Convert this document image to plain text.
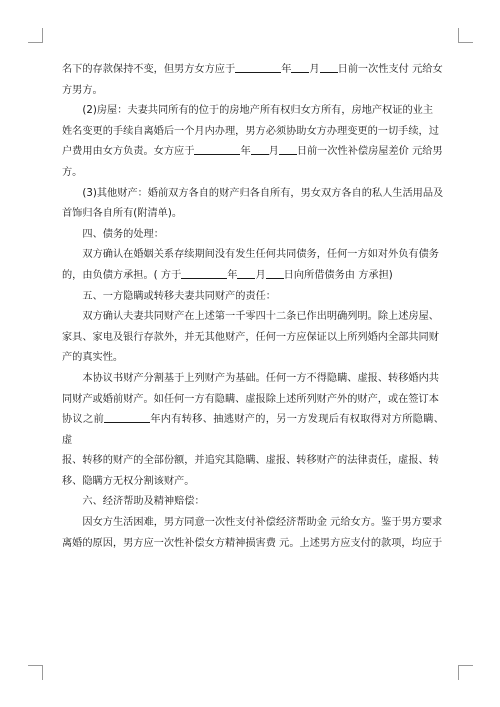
名下的存款保持不变，但男方女方应于	年 月 日前一次性支付 元给女
方男方。

(2)房屋：夫妻共同所有的位于的房地产所有权归女方所有，房地产权证的业主
姓名变更的手续自离婚后一个月内办理，男方必须协助女方办理变更的一切手续，过
户费用由女方负责。女方应于	年 月 日前一次性补偿房屋差价 元给男
方。

(3)其他财产：婚前双方各自的财产归各自所有，男女双方各自的私人生活用品及
首饰归各自所有(附清单)。

四、债务的处理：

双方确认在婚姻关系存续期间没有发生任何共同债务，任何一方如对外负有债务
的，由负债方承担。( 方于	年 月 日向所借债务由 方承担)

五、一方隐瞒或转移夫妻共同财产的责任：

双方确认夫妻共同财产在上述第一千零四十二条已作出明确列明。除上述房屋、
家具、家电及银行存款外，并无其他财产，任何一方应保证以上所列婚内全部共同财
产的真实性。

本协议书财产分割基于上列财产为基础。任何一方不得隐瞒、虚报、转移婚内共
同财产或婚前财产。如任何一方有隐瞒、虚报除上述所列财产外的财产，或在签订本
协议之前	年内有转移、抽逃财产的，另一方发现后有权取得对方所隐瞒、虚
报、转移的财产的全部份额，并追究其隐瞒、虚报、转移财产的法律责任，虚报、转
移、隐瞒方无权分割该财产。

六、经济帮助及精神赔偿：

因女方生活困难，男方同意一次性支付补偿经济帮助金 元给女方。鉴于男方要求
离婚的原因，男方应一次性补偿女方精神损害费 元。上述男方应支付的款项，均应于
